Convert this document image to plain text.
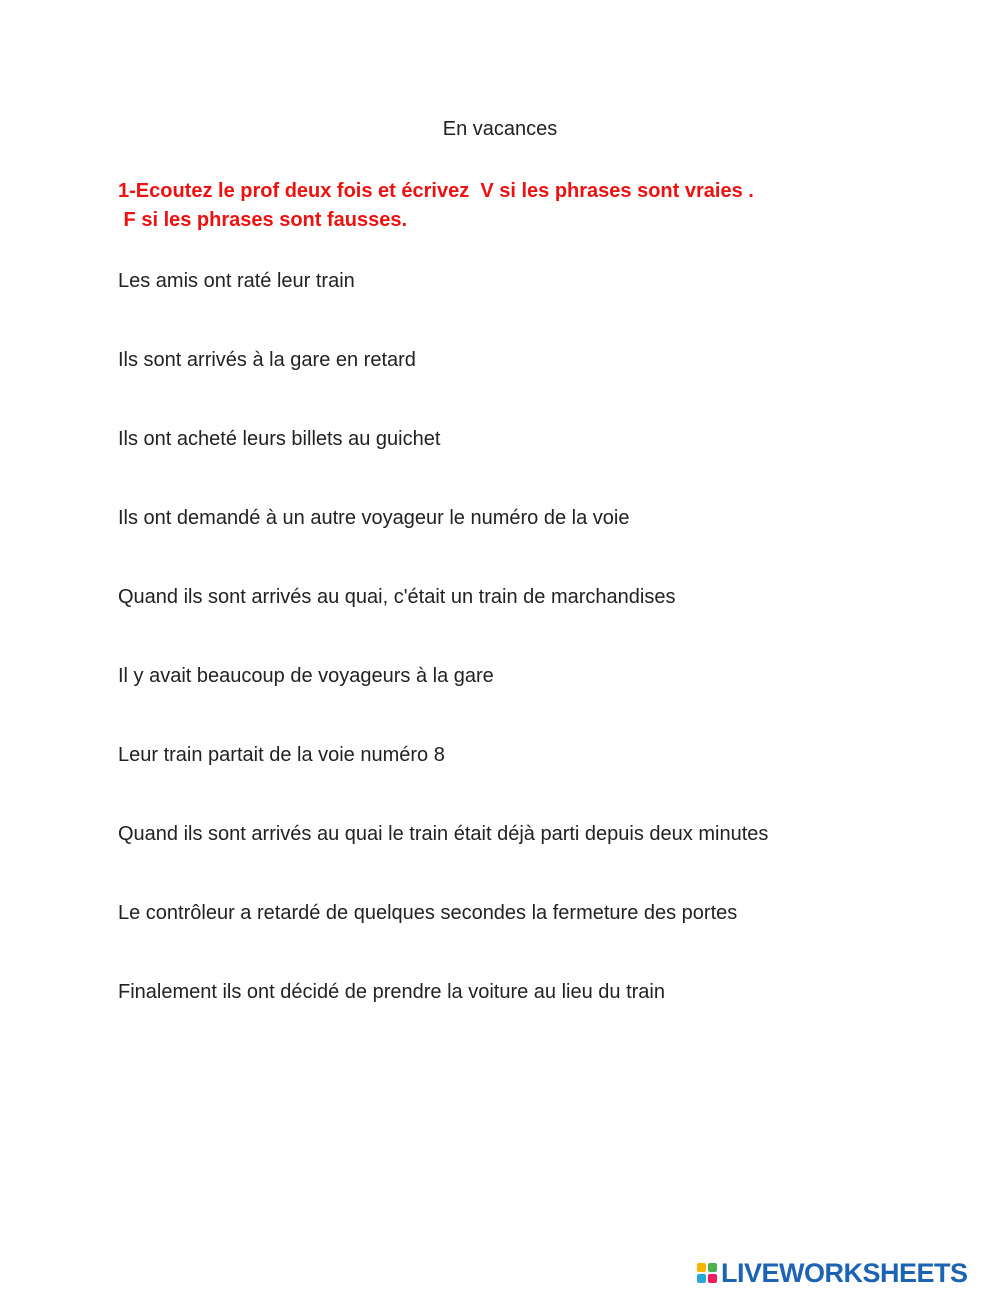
En vacances
1-Ecoutez le prof deux fois et écrivez  V si les phrases sont vraies .
F si les phrases sont fausses.
Les amis ont raté leur train
Ils sont arrivés à la gare en retard
Ils ont acheté leurs billets au guichet
Ils ont demandé à un autre voyageur le numéro de la voie
Quand ils sont arrivés au quai, c'était un train de marchandises
Il y avait beaucoup de voyageurs à la gare
Leur train partait de la voie numéro 8
Quand ils sont arrivés au quai le train était déjà parti depuis deux minutes
Le contrôleur a retardé de quelques secondes la fermeture des portes
Finalement ils ont décidé de prendre la voiture au lieu du train
LIVEWORKSHEETS
